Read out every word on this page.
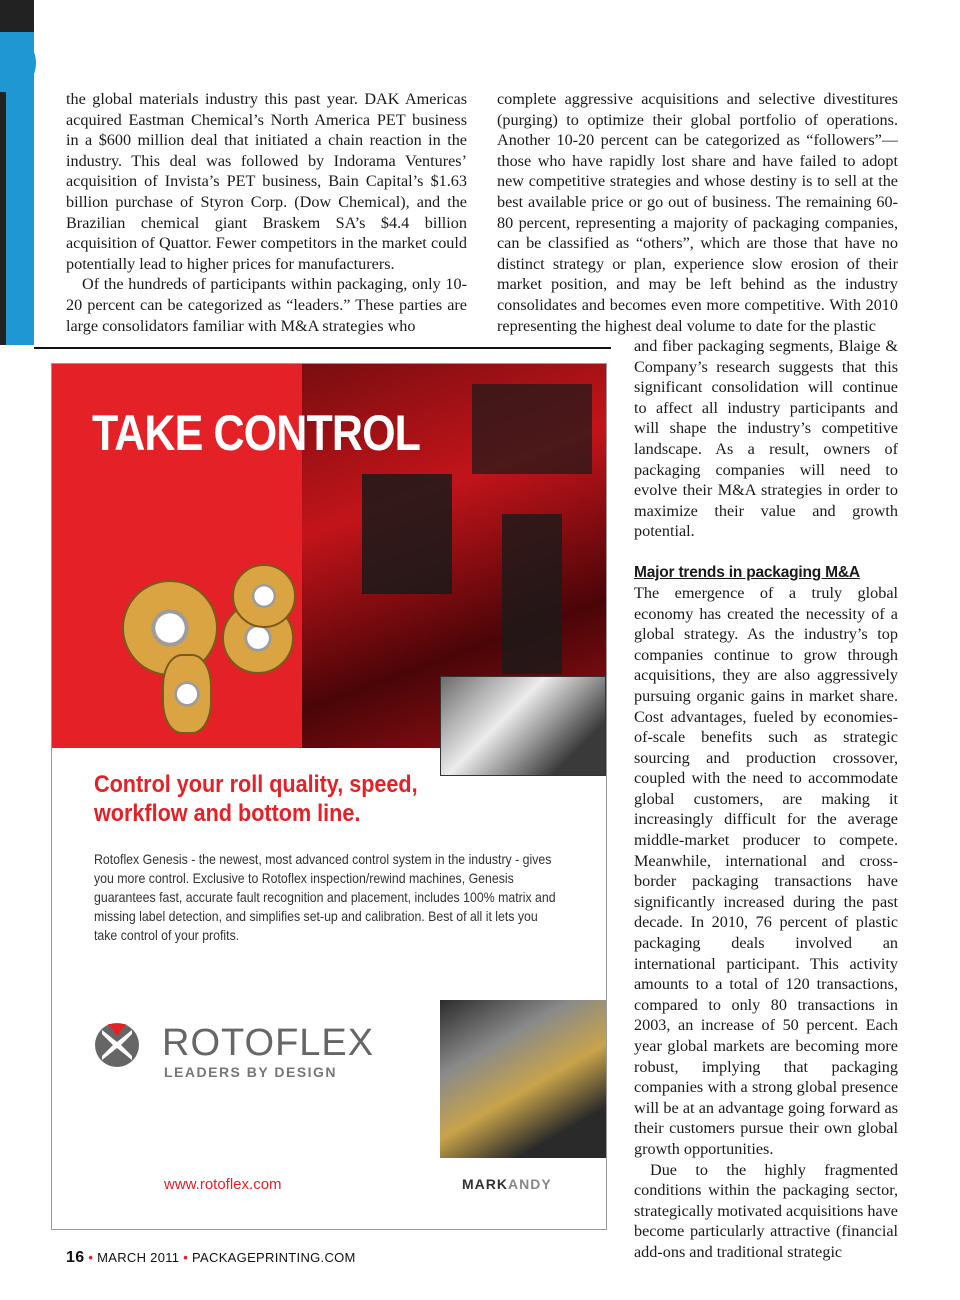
the global materials industry this past year. DAK Americas acquired Eastman Chemical’s North America PET business in a $600 million deal that initiated a chain reaction in the industry. This deal was followed by Indorama Ventures’ acquisition of Invista’s PET business, Bain Capital’s $1.63 billion purchase of Styron Corp. (Dow Chemical), and the Brazilian chemical giant Braskem SA’s $4.4 billion acquisition of Quattor. Fewer competitors in the market could potentially lead to higher prices for manufacturers.

Of the hundreds of participants within packaging, only 10-20 percent can be categorized as “leaders.” These parties are large consolidators familiar with M&A strategies who

complete aggressive acquisitions and selective divestitures (purging) to optimize their global portfolio of operations. Another 10-20 percent can be categorized as “followers”—those who have rapidly lost share and have failed to adopt new competitive strategies and whose destiny is to sell at the best available price or go out of business. The remaining 60-80 percent, representing a majority of packaging companies, can be classified as “others”, which are those that have no distinct strategy or plan, experience slow erosion of their market position, and may be left behind as the industry consolidates and becomes even more competitive. With 2010 representing the highest deal volume to date for the plastic

and fiber packaging segments, Blaige & Company’s research suggests that this significant consolidation will continue to affect all industry participants and will shape the industry’s competitive landscape. As a result, owners of packaging companies will need to evolve their M&A strategies in order to maximize their value and growth potential.

Major trends in packaging M&A

The emergence of a truly global economy has created the necessity of a global strategy. As the industry’s top companies continue to grow through acquisitions, they are also aggressively pursuing organic gains in market share. Cost advantages, fueled by economies-of-scale benefits such as strategic sourcing and production crossover, coupled with the need to accommodate global customers, are making it increasingly difficult for the average middle-market producer to compete. Meanwhile, international and cross-border packaging transactions have significantly increased during the past decade. In 2010, 76 percent of plastic packaging deals involved an international participant. This activity amounts to a total of 120 transactions, compared to only 80 transactions in 2003, an increase of 50 percent. Each year global markets are becoming more robust, implying that packaging companies with a strong global presence will be at an advantage going forward as their customers pursue their own global growth opportunities.

Due to the highly fragmented conditions within the packaging sector, strategically motivated acquisitions have become particularly attractive (financial add-ons and traditional strategic

TAKE CONTROL
Control your roll quality, speed, workflow and bottom line.
Rotoflex Genesis - the newest, most advanced control system in the industry - gives you more control. Exclusive to Rotoflex inspection/rewind machines, Genesis guarantees fast, accurate fault recognition and placement, includes 100% matrix and missing label detection, and simplifies set-up and calibration. Best of all it lets you take control of your profits.
ROTOFLEX
LEADERS BY DESIGN
www.rotoflex.com	MARKANDY
16 • MARCH 2011 • PACKAGEPRINTING.COM
